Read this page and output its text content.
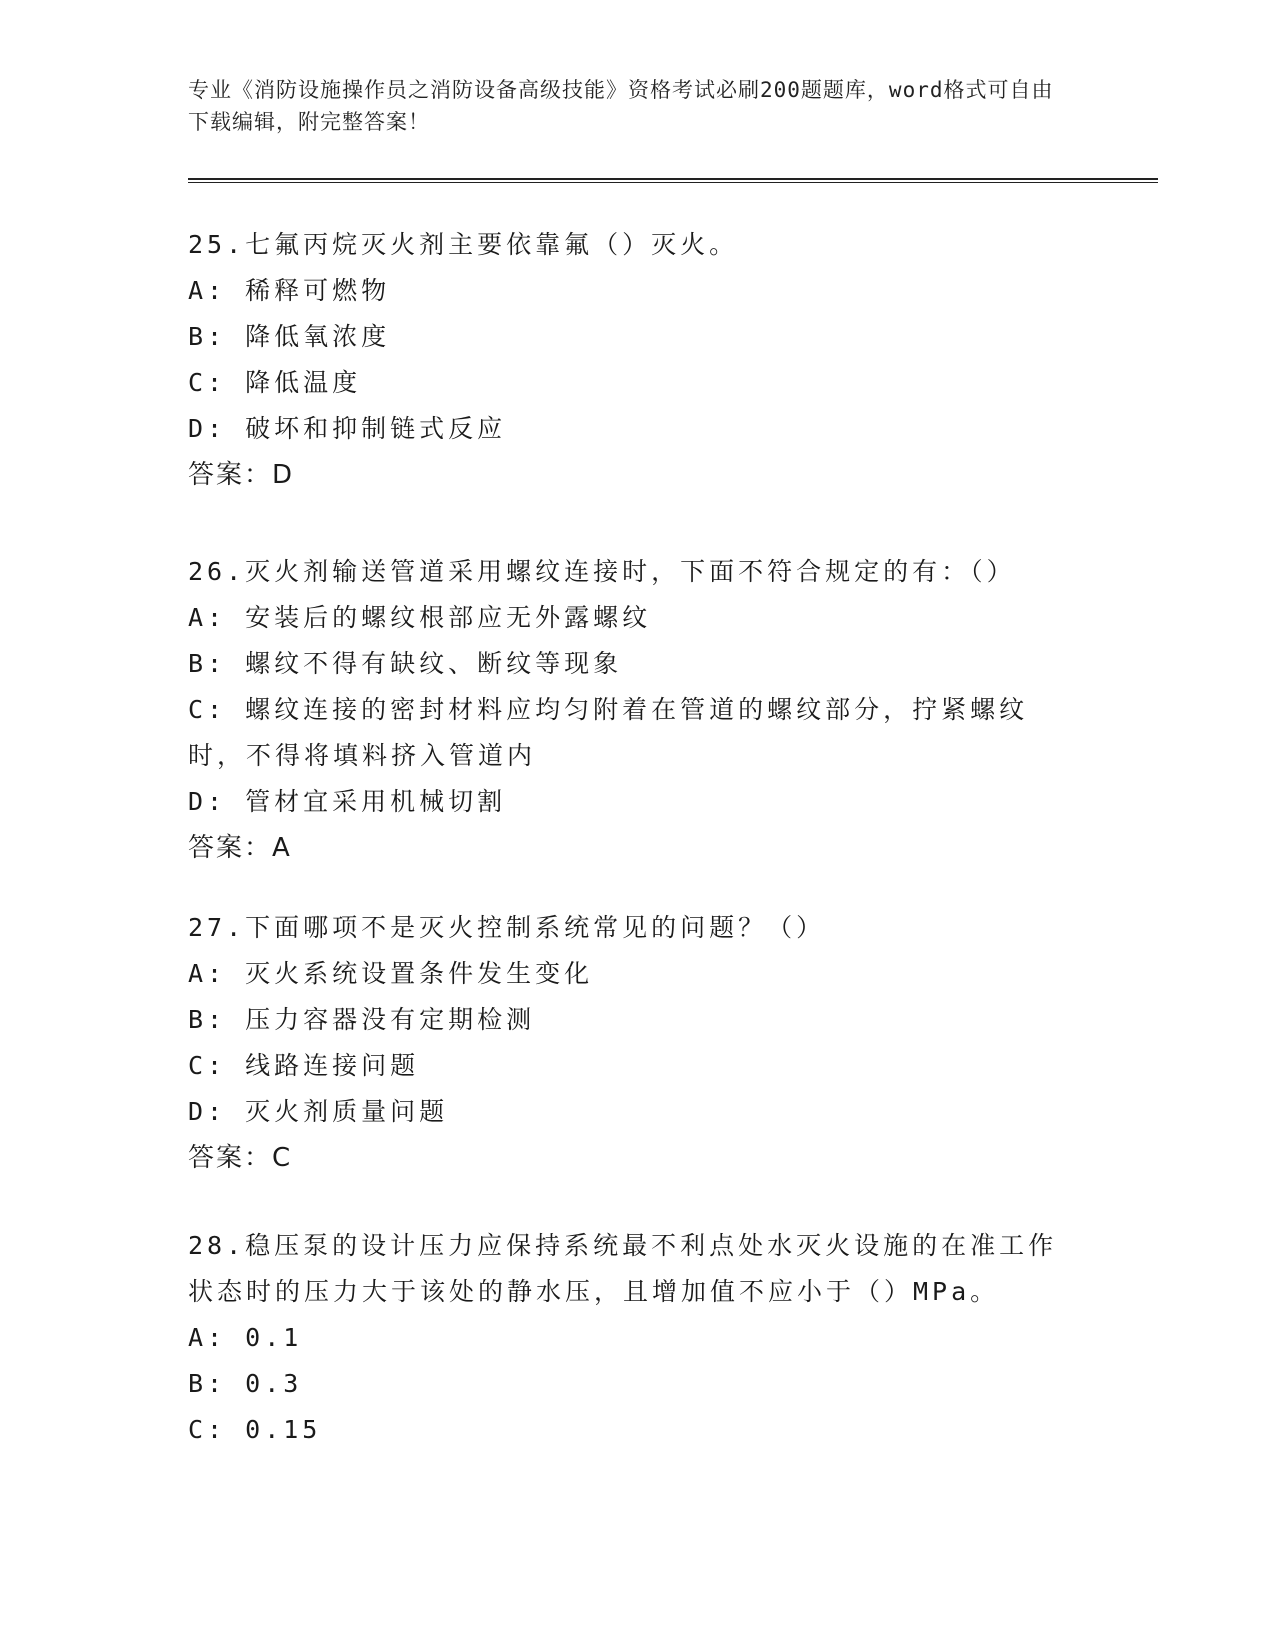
专业《消防设施操作员之消防设备高级技能》资格考试必刷200题题库，word格式可自由下载编辑，附完整答案！
25.七氟丙烷灭火剂主要依靠氟（）灭火。
A: 稀释可燃物
B: 降低氧浓度
C: 降低温度
D: 破坏和抑制链式反应
答案：D
26.灭火剂输送管道采用螺纹连接时，下面不符合规定的有：（）
A: 安装后的螺纹根部应无外露螺纹
B: 螺纹不得有缺纹、断纹等现象
C: 螺纹连接的密封材料应均匀附着在管道的螺纹部分，拧紧螺纹时，不得将填料挤入管道内
D: 管材宜采用机械切割
答案：A
27.下面哪项不是灭火控制系统常见的问题？（）
A: 灭火系统设置条件发生变化
B: 压力容器没有定期检测
C: 线路连接问题
D: 灭火剂质量问题
答案：C
28.稳压泵的设计压力应保持系统最不利点处水灭火设施的在准工作状态时的压力大于该处的静水压，且增加值不应小于（）MPa。
A: 0.1
B: 0.3
C: 0.15
